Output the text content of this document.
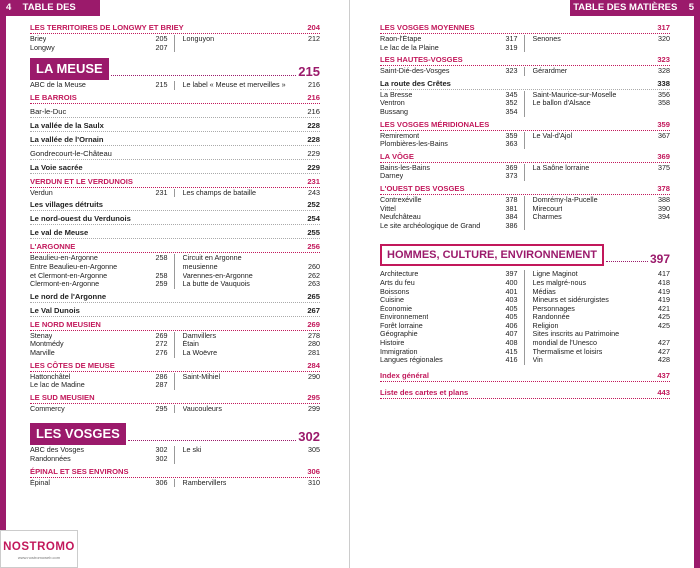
4 TABLE DES MATIÈRES
LES TERRITOIRES DE LONGWY ET BRIEY	204
Briey	205
Longwy	207
Longuyon	212
LA MEUSE	215
ABC de la Meuse	215 Le label « Meuse et merveilles »	216
LE BARROIS	216
Bar-le-Duc	216
La vallée de la Saulx	228
La vallée de l'Ornain	228
Gondrecourt-le-Château	229
La Voie sacrée	229
VERDUN ET LE VERDUNOIS	231
Verdun	231 Les champs de bataille	243
Les villages détruits	252
Le nord-ouest du Verdunois	254
Le val de Meuse	255
L'ARGONNE	256
Beaulieu-en-Argonne	258
Entre Beaulieu-en-Argonne
et Clermont-en-Argonne	258
Clermont-en-Argonne	259
Circuit en Argonne
meusienne	260
Varennes-en-Argonne	262
La butte de Vauquois	263
Le nord de l'Argonne	265
Le Val Dunois	267
LE NORD MEUSIEN	269
Stenay	269
Montmédy	272
Marville	276
Damvillers	278
Étain	280
La Woëvre	281
LES CÔTES DE MEUSE	284
Hattonchâtel	286
Le lac de Madine	287
Saint-Mihiel	290
LE SUD MEUSIEN	295
Commercy	295 Vaucouleurs	299
LES VOSGES	302
ABC des Vosges	302
Randonnées	302
Le ski	305
ÉPINAL ET SES ENVIRONS	306
Épinal	306 Rambervillers	310
NOSTROMO
www.nostromoweb.com
TABLE DES MATIÈRES 5
LES VOSGES MOYENNES	317
Raon-l'Étape	317
Le lac de la Plaine	319
Senones	320
LES HAUTES-VOSGES	323
Saint-Dié-des-Vosges	323 Gérardmer	328
La route des Crêtes	338
La Bresse	345
Ventron	352
Bussang	354
Saint-Maurice-sur-Moselle	356
Le ballon d'Alsace	358
LES VOSGES MÉRIDIONALES	359
Remiremont	359
Plombières-les-Bains	363
Le Val-d'Ajol	367
LA VÔGE	369
Bains-les-Bains	369
Darney	373
La Saône lorraine	375
L'OUEST DES VOSGES	378
Contrexéville	378
Vittel	381
Neufchâteau	384
Le site archéologique de Grand	386
Domrémy-la-Pucelle	388
Mirecourt	390
Charmes	394
HOMMES, CULTURE, ENVIRONNEMENT	397
Architecture	397
Arts du feu	400
Boissons	401
Cuisine	403
Économie	405
Environnement	405
Forêt lorraine	406
Géographie	407
Histoire	408
Immigration	415
Langues régionales	416
Ligne Maginot	417
Les malgré-nous	418
Médias	419
Mineurs et sidérurgistes	419
Personnages	421
Randonnée	425
Religion	425
Sites inscrits au Patrimoine
mondial de l'Unesco	427
Thermalisme et loisirs	427
Vin	428
Index général	437
Liste des cartes et plans	443
